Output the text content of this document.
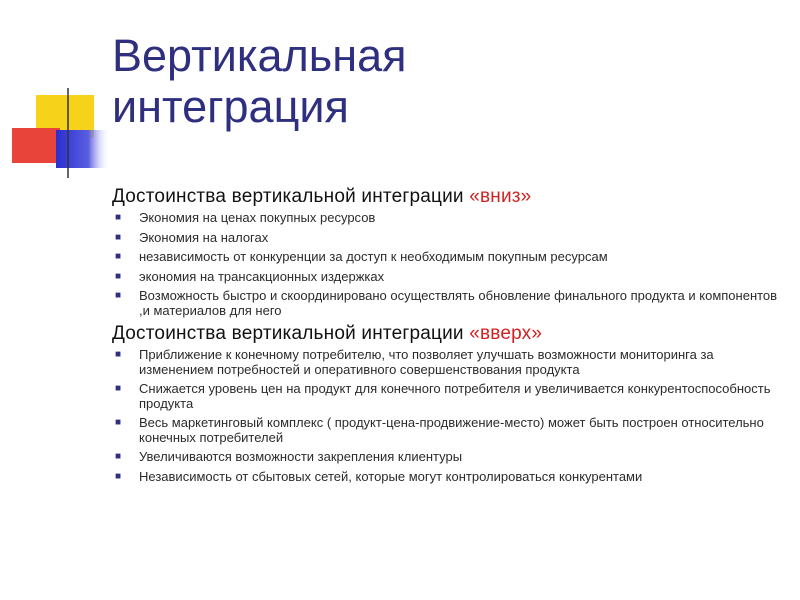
Вертикальная
интеграция
Достоинства вертикальной интеграции «вниз»
■ Экономия на ценах покупных ресурсов
■ Экономия на налогах
■ независимость от конкуренции за доступ к необходимым покупным ресурсам
■ экономия на трансакционных издержках
■ Возможность быстро и скоординировано осуществлять обновление финального продукта и компонентов ,и материалов для него
Достоинства вертикальной интеграции «вверх»
■ Приближение к конечному потребителю, что позволяет улучшать возможности мониторинга за изменением потребностей и оперативного совершенствования продукта
■ Снижается уровень цен на продукт для конечного потребителя и увеличивается конкурентоспособность продукта
■ Весь маркетинговый комплекс ( продукт-цена-продвижение-место) может быть построен относительно конечных потребителей
■ Увеличиваются возможности закрепления клиентуры
■ Независимость от сбытовых сетей, которые могут контролироваться конкурентами
